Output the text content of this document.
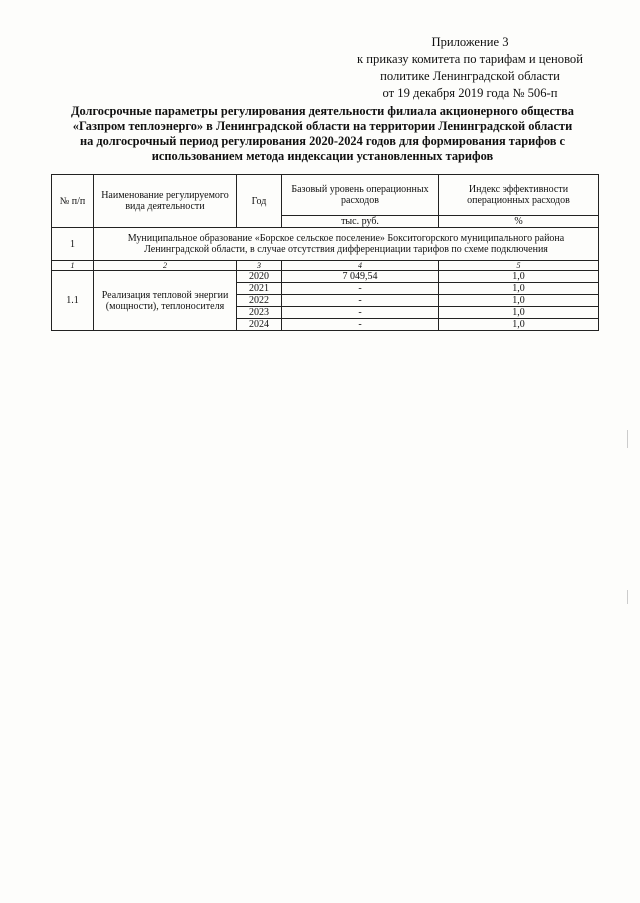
Приложение 3
к приказу комитета по тарифам и ценовой
политике Ленинградской области
от 19 декабря 2019 года № 506-п
Долгосрочные параметры регулирования деятельности филиала акционерного общества
«Газпром теплоэнерго» в Ленинградской области на территории Ленинградской области
на долгосрочный период регулирования 2020-2024 годов для формирования тарифов с
использованием метода индексации установленных тарифов
№ п/п	Наименование регулируемого вида деятельности	Год	Базовый уровень операционных расходов	Индекс эффективности операционных расходов
			тыс. руб.	%
1	Муниципальное образование «Борское сельское поселение» Бокситогорского муниципального района Ленинградской области, в случае отсутствия дифференциации тарифов по схеме подключения			
1	2	3	4	5
1.1	Реализация тепловой энергии (мощности), теплоносителя	2020	7 049,54	1,0
		2021	-	1,0
		2022	-	1,0
		2023	-	1,0
		2024	-	1,0
